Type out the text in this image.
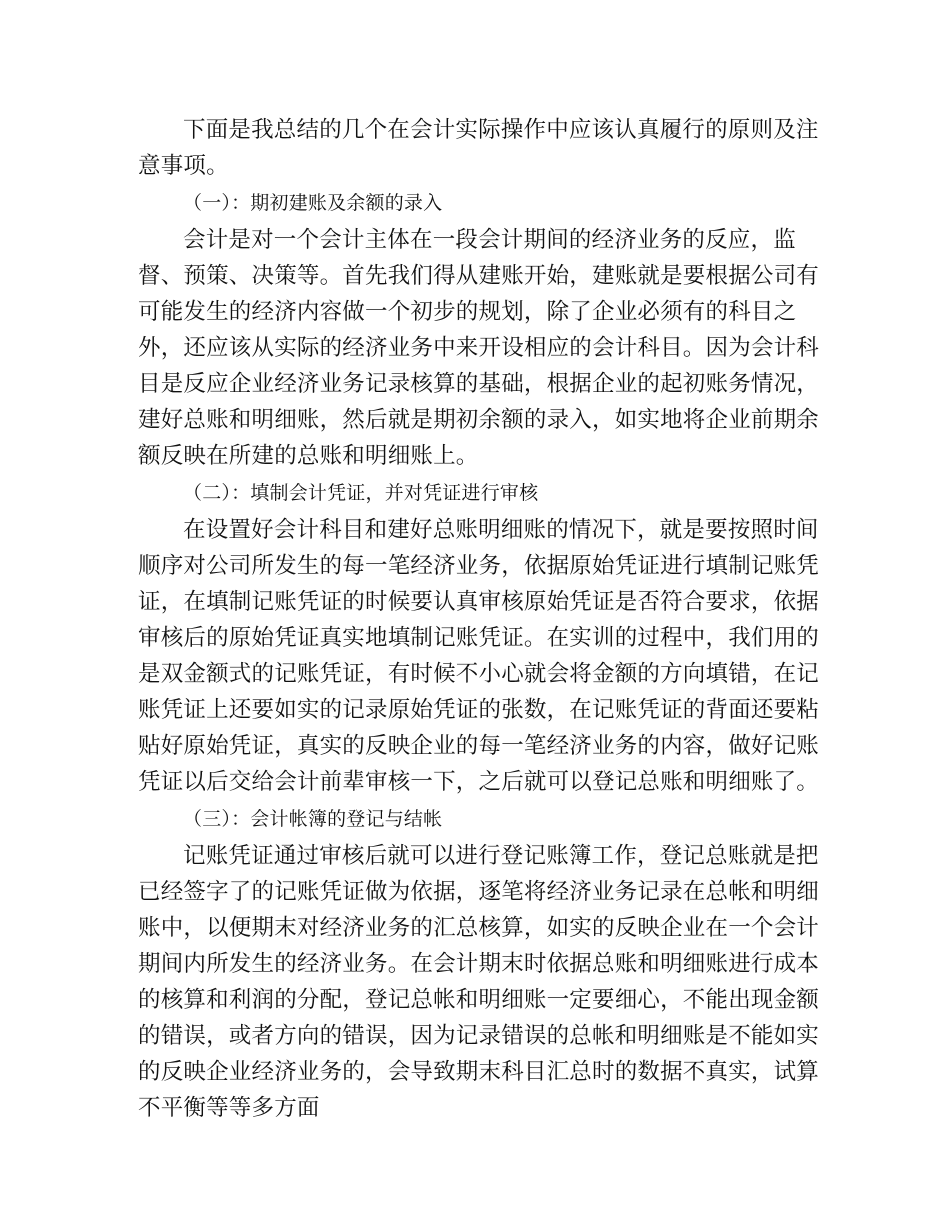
下面是我总结的几个在会计实际操作中应该认真履行的原则及注意事项。

（一）：期初建账及余额的录入

会计是对一个会计主体在一段会计期间的经济业务的反应，监督、预策、决策等。首先我们得从建账开始，建账就是要根据公司有可能发生的经济内容做一个初步的规划，除了企业必须有的科目之外，还应该从实际的经济业务中来开设相应的会计科目。因为会计科目是反应企业经济业务记录核算的基础，根据企业的起初账务情况，建好总账和明细账，然后就是期初余额的录入，如实地将企业前期余额反映在所建的总账和明细账上。

（二）：填制会计凭证，并对凭证进行审核

在设置好会计科目和建好总账明细账的情况下，就是要按照时间顺序对公司所发生的每一笔经济业务，依据原始凭证进行填制记账凭证，在填制记账凭证的时候要认真审核原始凭证是否符合要求，依据审核后的原始凭证真实地填制记账凭证。在实训的过程中，我们用的是双金额式的记账凭证，有时候不小心就会将金额的方向填错，在记账凭证上还要如实的记录原始凭证的张数，在记账凭证的背面还要粘贴好原始凭证，真实的反映企业的每一笔经济业务的内容，做好记账凭证以后交给会计前辈审核一下，之后就可以登记总账和明细账了。

（三）：会计帐簿的登记与结帐

记账凭证通过审核后就可以进行登记账簿工作，登记总账就是把已经签字了的记账凭证做为依据，逐笔将经济业务记录在总帐和明细账中，以便期末对经济业务的汇总核算，如实的反映企业在一个会计期间内所发生的经济业务。在会计期末时依据总账和明细账进行成本的核算和利润的分配，登记总帐和明细账一定要细心，不能出现金额的错误，或者方向的错误，因为记录错误的总帐和明细账是不能如实的反映企业经济业务的，会导致期末科目汇总时的数据不真实，试算不平衡等等多方面
